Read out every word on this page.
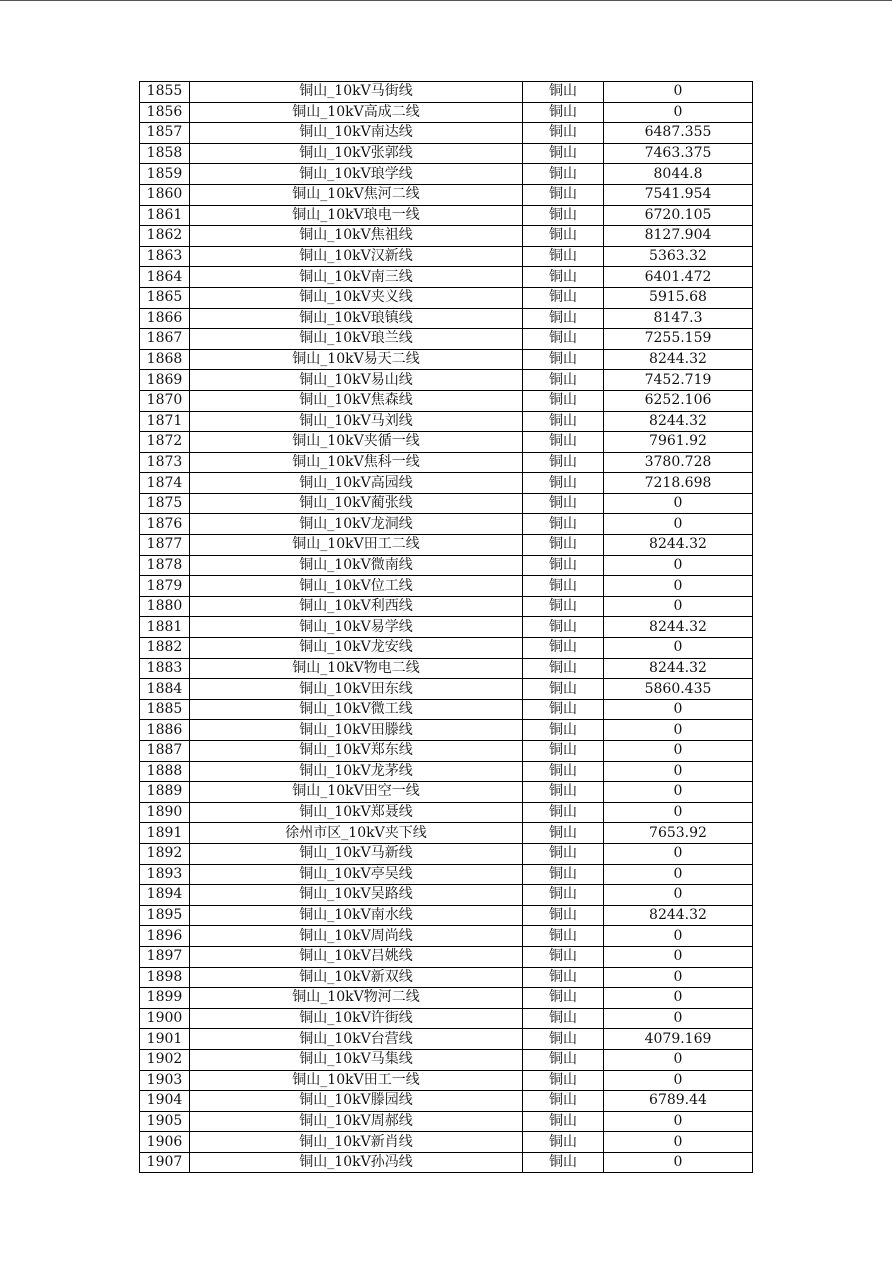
1855	铜山_10kV马街线	铜山	0
1856	铜山_10kV高成二线	铜山	0
1857	铜山_10kV南达线	铜山	6487.355
1858	铜山_10kV张郭线	铜山	7463.375
1859	铜山_10kV琅学线	铜山	8044.8
1860	铜山_10kV焦河二线	铜山	7541.954
1861	铜山_10kV琅电一线	铜山	6720.105
1862	铜山_10kV焦祖线	铜山	8127.904
1863	铜山_10kV汉新线	铜山	5363.32
1864	铜山_10kV南三线	铜山	6401.472
1865	铜山_10kV夹义线	铜山	5915.68
1866	铜山_10kV琅镇线	铜山	8147.3
1867	铜山_10kV琅兰线	铜山	7255.159
1868	铜山_10kV易天二线	铜山	8244.32
1869	铜山_10kV易山线	铜山	7452.719
1870	铜山_10kV焦森线	铜山	6252.106
1871	铜山_10kV马刘线	铜山	8244.32
1872	铜山_10kV夹循一线	铜山	7961.92
1873	铜山_10kV焦科一线	铜山	3780.728
1874	铜山_10kV高园线	铜山	7218.698
1875	铜山_10kV蔺张线	铜山	0
1876	铜山_10kV龙洞线	铜山	0
1877	铜山_10kV田工二线	铜山	8244.32
1878	铜山_10kV微南线	铜山	0
1879	铜山_10kV位工线	铜山	0
1880	铜山_10kV利西线	铜山	0
1881	铜山_10kV易学线	铜山	8244.32
1882	铜山_10kV龙安线	铜山	0
1883	铜山_10kV物电二线	铜山	8244.32
1884	铜山_10kV田东线	铜山	5860.435
1885	铜山_10kV微工线	铜山	0
1886	铜山_10kV田滕线	铜山	0
1887	铜山_10kV郑东线	铜山	0
1888	铜山_10kV龙茅线	铜山	0
1889	铜山_10kV田空一线	铜山	0
1890	铜山_10kV郑聂线	铜山	0
1891	徐州市区_10kV夹下线	铜山	7653.92
1892	铜山_10kV马新线	铜山	0
1893	铜山_10kV亭吴线	铜山	0
1894	铜山_10kV吴路线	铜山	0
1895	铜山_10kV南水线	铜山	8244.32
1896	铜山_10kV周尚线	铜山	0
1897	铜山_10kV吕姚线	铜山	0
1898	铜山_10kV新双线	铜山	0
1899	铜山_10kV物河二线	铜山	0
1900	铜山_10kV许街线	铜山	0
1901	铜山_10kV台营线	铜山	4079.169
1902	铜山_10kV马集线	铜山	0
1903	铜山_10kV田工一线	铜山	0
1904	铜山_10kV滕园线	铜山	6789.44
1905	铜山_10kV周郝线	铜山	0
1906	铜山_10kV新肖线	铜山	0
1907	铜山_10kV孙冯线	铜山	0
